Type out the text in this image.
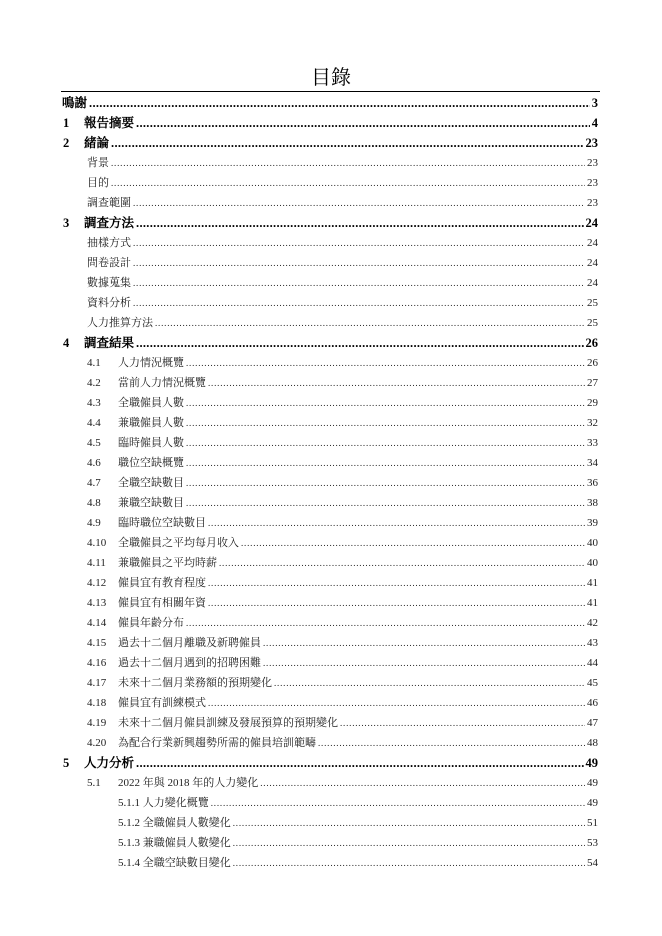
目錄
鳴謝 .....	3
1	報告摘要 .....	4
2	緒論 .....	23
背景 .....	23
目的 .....	23
調查範圍 .....	23
3	調查方法 .....	24
抽樣方式 .....	24
問卷設計 .....	24
數據蒐集 .....	24
資料分析 .....	25
人力推算方法 .....	25
4	調查結果 .....	26
4.1	人力情況概覽 .....	26
4.2	當前人力情況概覽 .....	27
4.3	全職僱員人數 .....	29
4.4	兼職僱員人數 .....	32
4.5	臨時僱員人數 .....	33
4.6	職位空缺概覽 .....	34
4.7	全職空缺數目 .....	36
4.8	兼職空缺數目 .....	38
4.9	臨時職位空缺數目 .....	39
4.10	全職僱員之平均每月收入 .....	40
4.11	兼職僱員之平均時薪 .....	40
4.12	僱員宜有教育程度 .....	41
4.13	僱員宜有相關年資 .....	41
4.14	僱員年齡分布 .....	42
4.15	過去十二個月離職及新聘僱員 .....	43
4.16	過去十二個月遇到的招聘困難 .....	44
4.17	未來十二個月業務額的預期變化 .....	45
4.18	僱員宜有訓練模式 .....	46
4.19	未來十二個月僱員訓練及發展預算的預期變化 .....	47
4.20	為配合行業新興趨勢所需的僱員培訓範疇 .....	48
5	人力分析 .....	49
5.1	2022 年與 2018 年的人力變化 .....	49
5.1.1 人力變化概覽 .....	49
5.1.2 全職僱員人數變化 .....	51
5.1.3 兼職僱員人數變化 .....	53
5.1.4 全職空缺數目變化 .....	54
